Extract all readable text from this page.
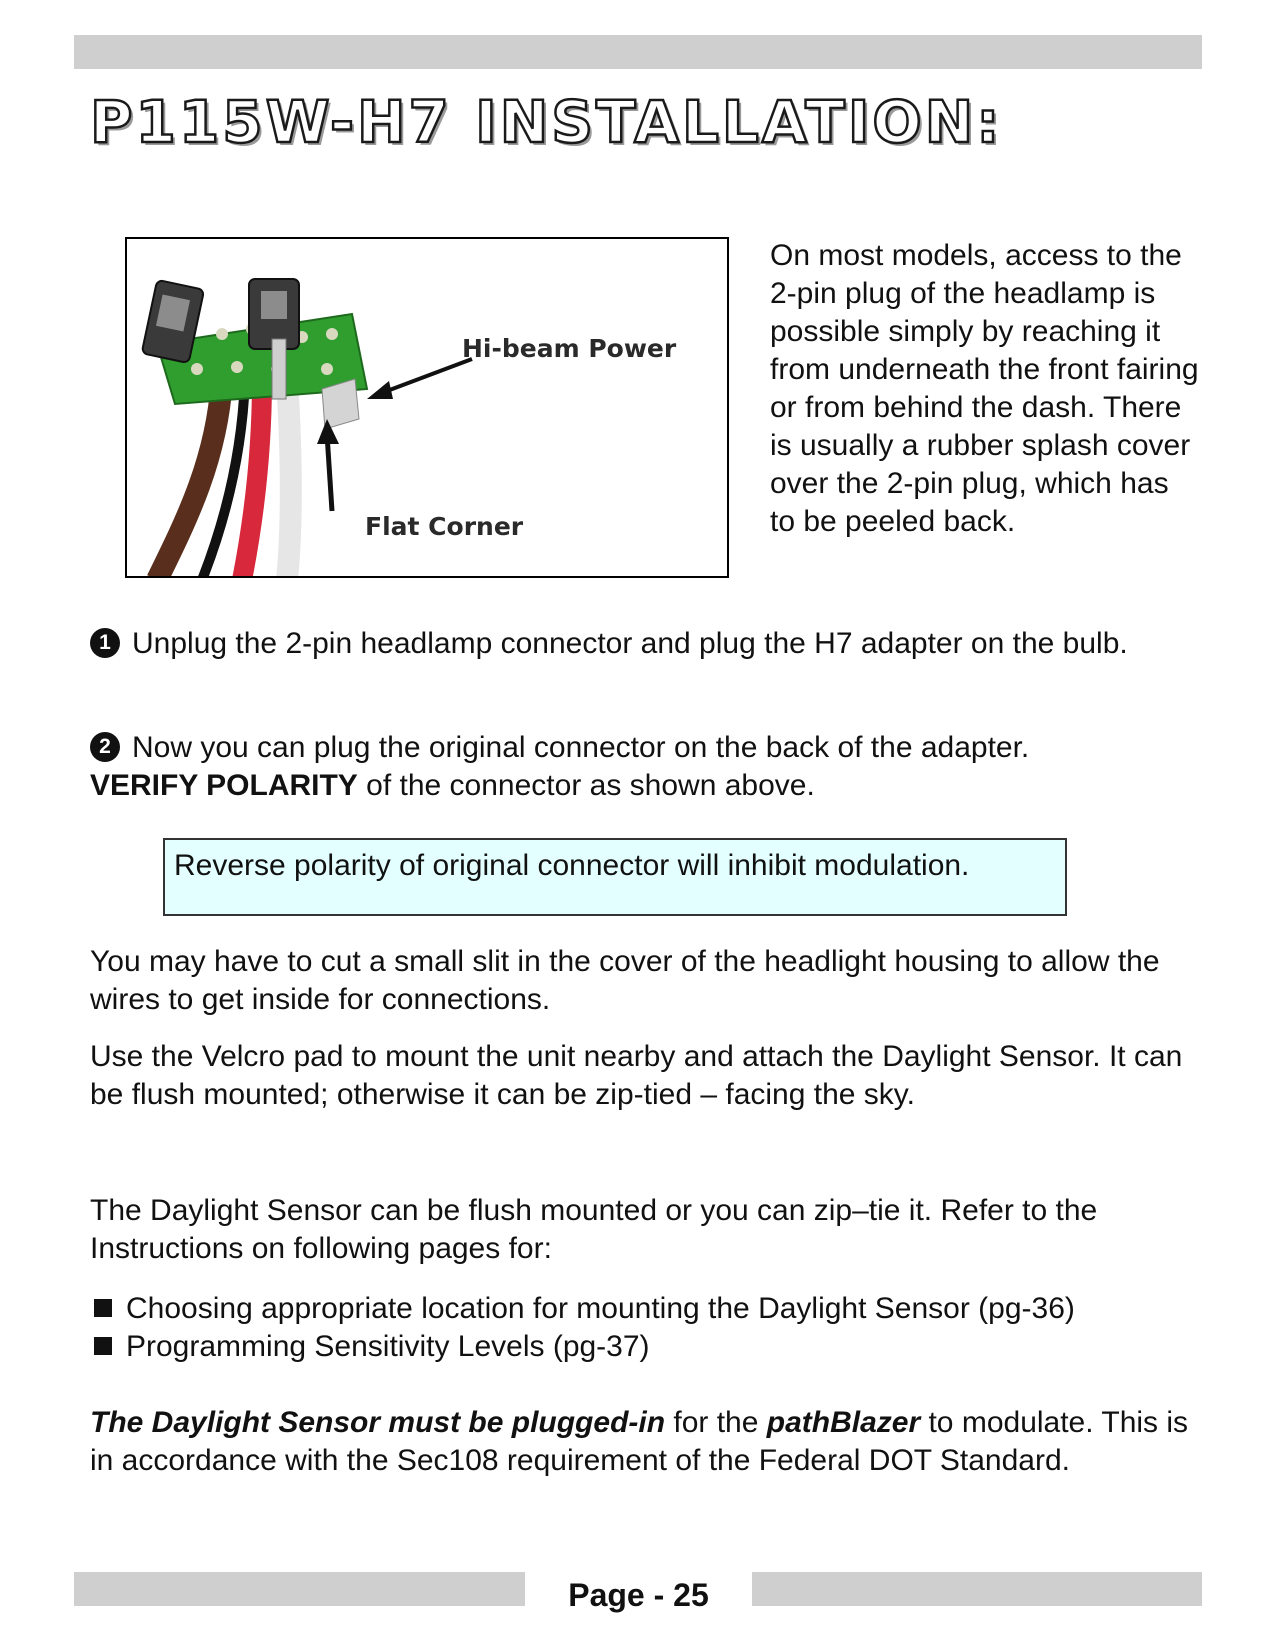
P115W-H7 INSTALLATION:
Hi-beam Power
Flat Corner

On most models, access to the 2-pin plug of the headlamp is possible simply by reaching it from underneath the front fairing or from behind the dash. There is usually a rubber splash cover over the 2-pin plug, which has to be peeled back.

1 Unplug the 2-pin headlamp connector and plug the H7 adapter on the bulb.

2 Now you can plug the original connector on the back of the adapter.
VERIFY POLARITY of the connector as shown above.

Reverse polarity of original connector will inhibit modulation.

You may have to cut a small slit in the cover of the headlight housing to allow the wires to get inside for connections.

Use the Velcro pad to mount the unit nearby and attach the Daylight Sensor. It can be flush mounted; otherwise it can be zip-tied – facing the sky.

The Daylight Sensor can be flush mounted or you can zip–tie it. Refer to the Instructions on following pages for:

Choosing appropriate location for mounting the Daylight Sensor (pg-36)
Programming Sensitivity Levels (pg-37)

The Daylight Sensor must be plugged-in for the pathBlazer to modulate. This is in accordance with the Sec108 requirement of the Federal DOT Standard.

Page - 25
